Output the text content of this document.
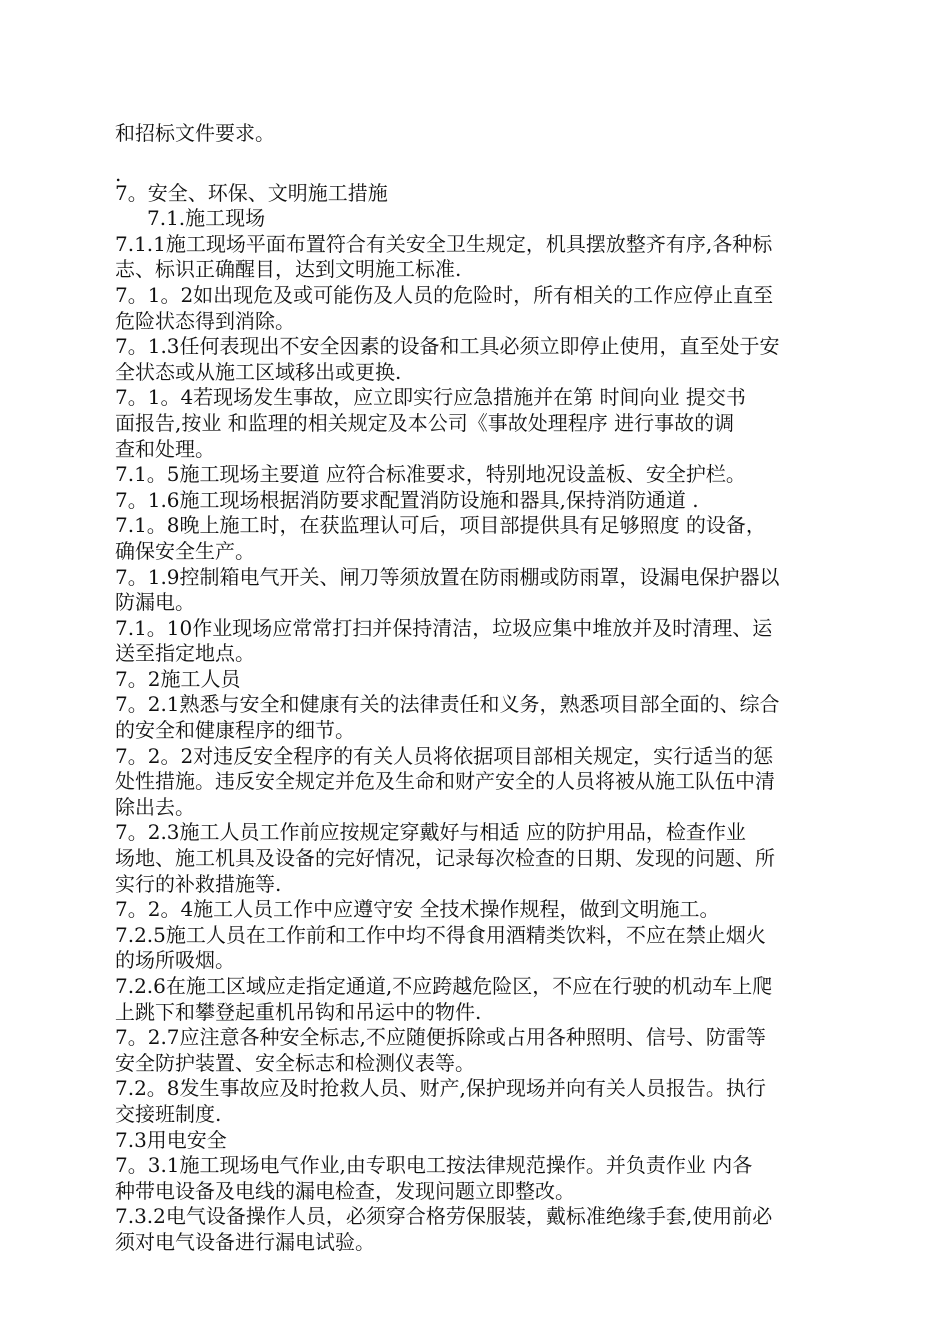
和招标文件要求。
.
7。安全、环保、文明施工措施
7.1.施工现场
7.1.1施工现场平面布置符合有关安全卫生规定，机具摆放整齐有序,各种标
志、标识正确醒目，达到文明施工标准.
7。1。2如出现危及或可能伤及人员的危险时，所有相关的工作应停止直至
危险状态得到消除。
7。1.3任何表现出不安全因素的设备和工具必须立即停止使用，直至处于安
全状态或从施工区域移出或更换.
7。1。4若现场发生事故，应立即实行应急措施并在第 时间向业 提交书
面报告,按业 和监理的相关规定及本公司《事故处理程序 进行事故的调
查和处理。
7.1。5施工现场主要道 应符合标准要求，特别地况设盖板、安全护栏。
7。1.6施工现场根据消防要求配置消防设施和器具,保持消防通道 .
7.1。8晚上施工时，在获监理认可后，项目部提供具有足够照度 的设备，
确保安全生产。
7。1.9控制箱电气开关、闸刀等须放置在防雨棚或防雨罩，设漏电保护器以
防漏电。
7.1。10作业现场应常常打扫并保持清洁，垃圾应集中堆放并及时清理、运
送至指定地点。
7。2施工人员
7。2.1熟悉与安全和健康有关的法律责任和义务，熟悉项目部全面的、综合
的安全和健康程序的细节。
7。2。2对违反安全程序的有关人员将依据项目部相关规定，实行适当的惩
处性措施。违反安全规定并危及生命和财产安全的人员将被从施工队伍中清
除出去。
7。2.3施工人员工作前应按规定穿戴好与相适 应的防护用品，检查作业
场地、施工机具及设备的完好情况，记录每次检查的日期、发现的问题、所
实行的补救措施等.
7。2。4施工人员工作中应遵守安 全技术操作规程，做到文明施工。
7.2.5施工人员在工作前和工作中均不得食用酒精类饮料，不应在禁止烟火
的场所吸烟。
7.2.6在施工区域应走指定通道,不应跨越危险区，不应在行驶的机动车上爬
上跳下和攀登起重机吊钩和吊运中的物件.
7。2.7应注意各种安全标志,不应随便拆除或占用各种照明、信号、防雷等
安全防护装置、安全标志和检测仪表等。
7.2。8发生事故应及时抢救人员、财产,保护现场并向有关人员报告。执行
交接班制度.
7.3用电安全
7。3.1施工现场电气作业,由专职电工按法律规范操作。并负责作业 内各
种带电设备及电线的漏电检查，发现问题立即整改。
7.3.2电气设备操作人员，必须穿合格劳保服装，戴标准绝缘手套,使用前必
须对电气设备进行漏电试验。
